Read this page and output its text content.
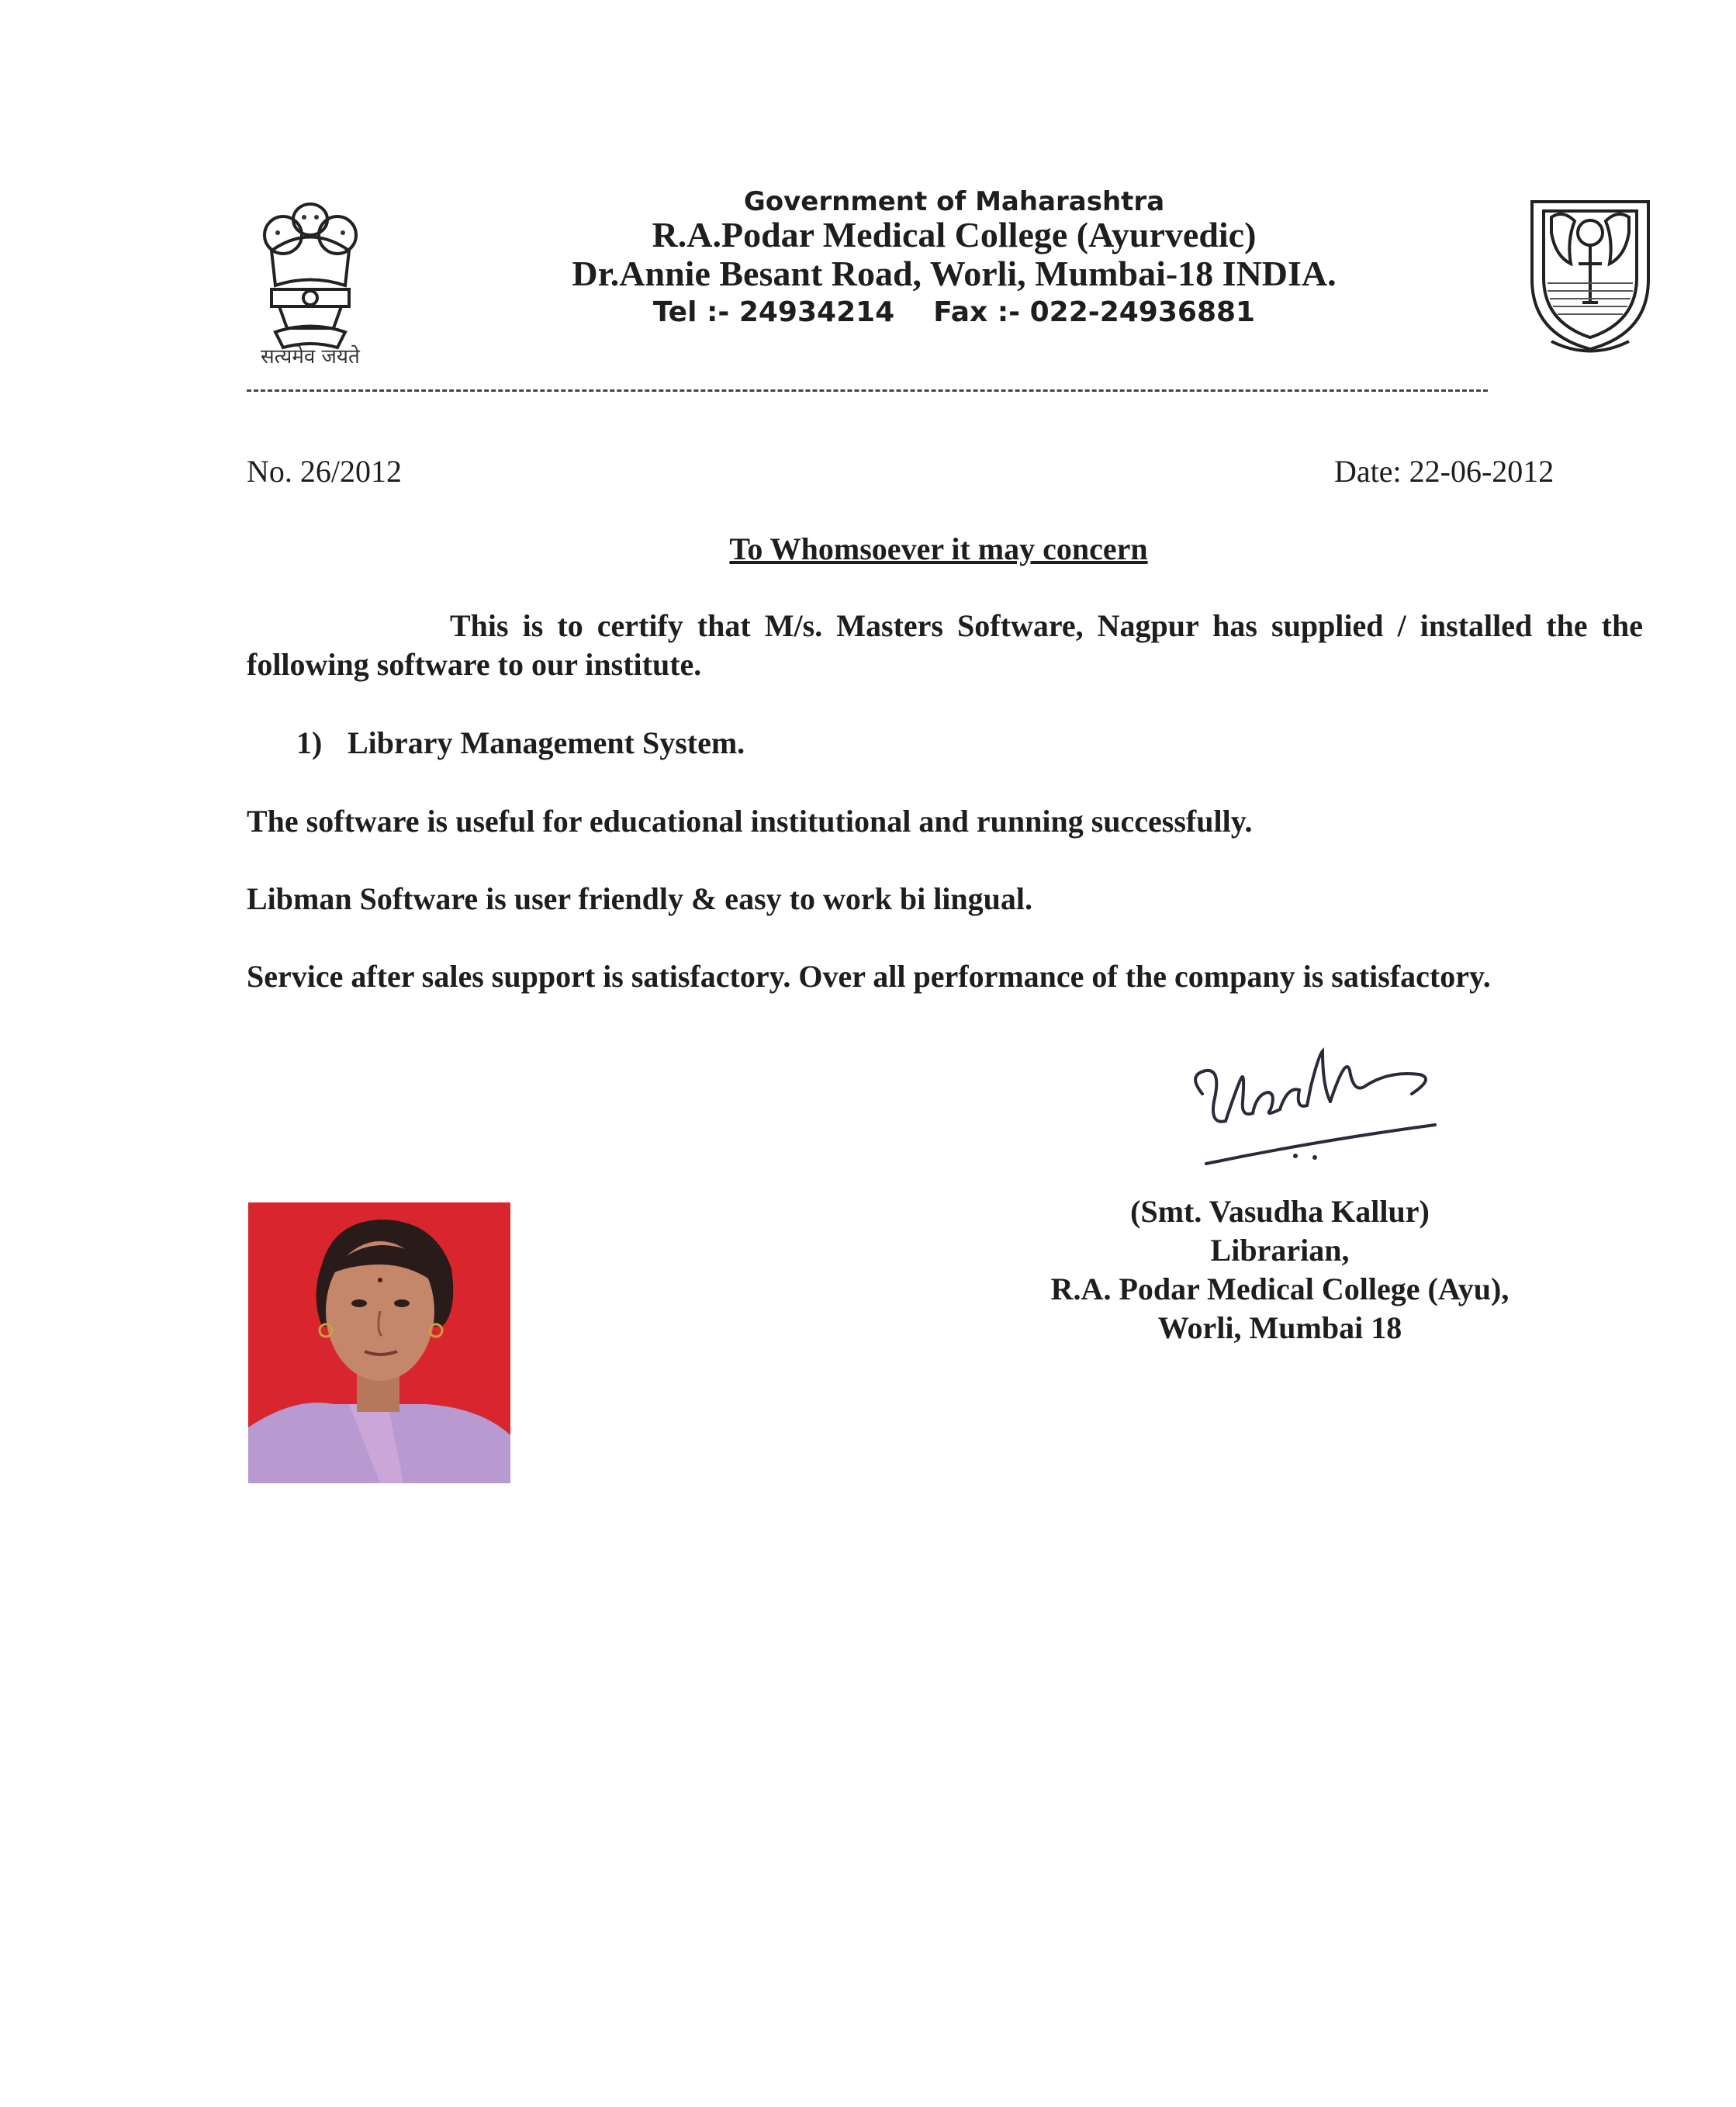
सत्यमेव जयते
Government of Maharashtra
R.A.Podar Medical College (Ayurvedic)
Dr.Annie Besant Road, Worli, Mumbai-18 INDIA.
Tel :- 24934214 Fax :- 022-24936881
No. 26/2012	Date: 22-06-2012
To Whomsoever it may concern
This is to certify that M/s. Masters Software, Nagpur has supplied / installed the the following software to our institute.
1) Library Management System.
The software is useful for educational institutional and running successfully.
Libman Software is user friendly & easy to work bi lingual.
Service after sales support is satisfactory. Over all performance of the company is satisfactory.
(Smt. Vasudha Kallur)
Librarian,
R.A. Podar Medical College (Ayu),
Worli, Mumbai 18
